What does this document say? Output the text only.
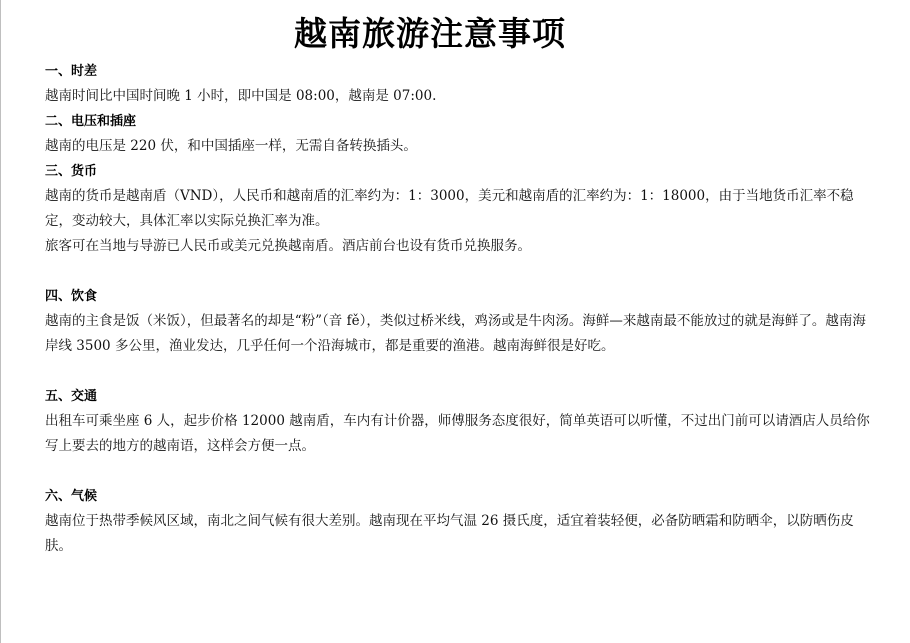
越南旅游注意事项
一、时差
越南时间比中国时间晚 1 小时，即中国是 08:00，越南是 07:00.
二、电压和插座
越南的电压是 220 伏，和中国插座一样，无需自备转换插头。
三、货币
越南的货币是越南盾（VND），人民币和越南盾的汇率约为：1：3000，美元和越南盾的汇率约为：1：18000，由于当地货币汇率不稳定，变动较大，具体汇率以实际兑换汇率为准。
旅客可在当地与导游已人民币或美元兑换越南盾。酒店前台也设有货币兑换服务。
四、饮食
越南的主食是饭（米饭），但最著名的却是“粉”（音 fě），类似过桥米线，鸡汤或是牛肉汤。海鲜—来越南最不能放过的就是海鲜了。越南海岸线 3500 多公里，渔业发达，几乎任何一个沿海城市，都是重要的渔港。越南海鲜很是好吃。
五、交通
出租车可乘坐座 6 人，起步价格 12000 越南盾，车内有计价器，师傅服务态度很好，简单英语可以听懂，不过出门前可以请酒店人员给你写上要去的地方的越南语，这样会方便一点。
六、气候
越南位于热带季候风区域，南北之间气候有很大差别。越南现在平均气温 26 摄氏度，适宜着装轻便，必备防晒霜和防晒伞，以防晒伤皮肤。
